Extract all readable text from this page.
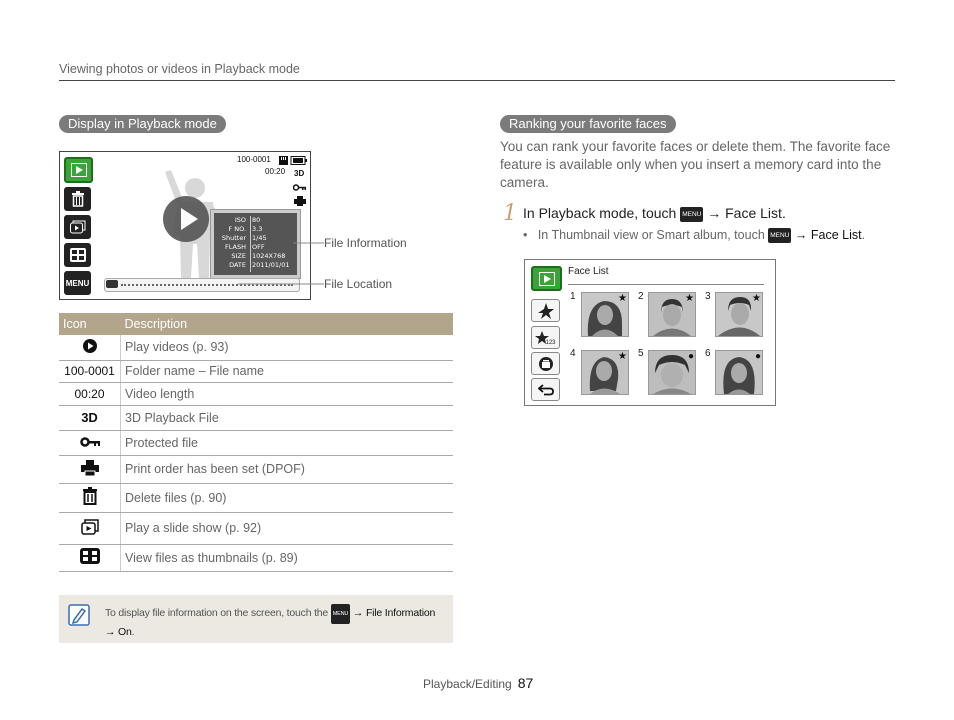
Viewing photos or videos in Playback mode
Display in Playback mode
MENU
100-0001
00:20 3D
ISO 80
F NO. 3.3
Shutter 1/45
FLASH OFF
SIZE 1024X768
DATE 2011/01/01
File Information
File Location
Icon	Description
	Play videos (p. 93)
100-0001	Folder name – File name
00:20	Video length
3D	3D Playback File
	Protected file
	Print order has been set (DPOF)
	Delete files (p. 90)
	Play a slide show (p. 92)
	View files as thumbnails (p. 89)
To display file information on the screen, touch the MENU → File Information
→ On.
Ranking your favorite faces
You can rank your favorite faces or delete them. The favorite face feature is available only when you insert a memory card into the camera.
1 In Playback mode, touch MENU → Face List.
• In Thumbnail view or Smart album, touch MENU → Face List.
123
Face List
1	★ 2	★ 3	★
4	★ 5	● 6	●
Playback/Editing 87
